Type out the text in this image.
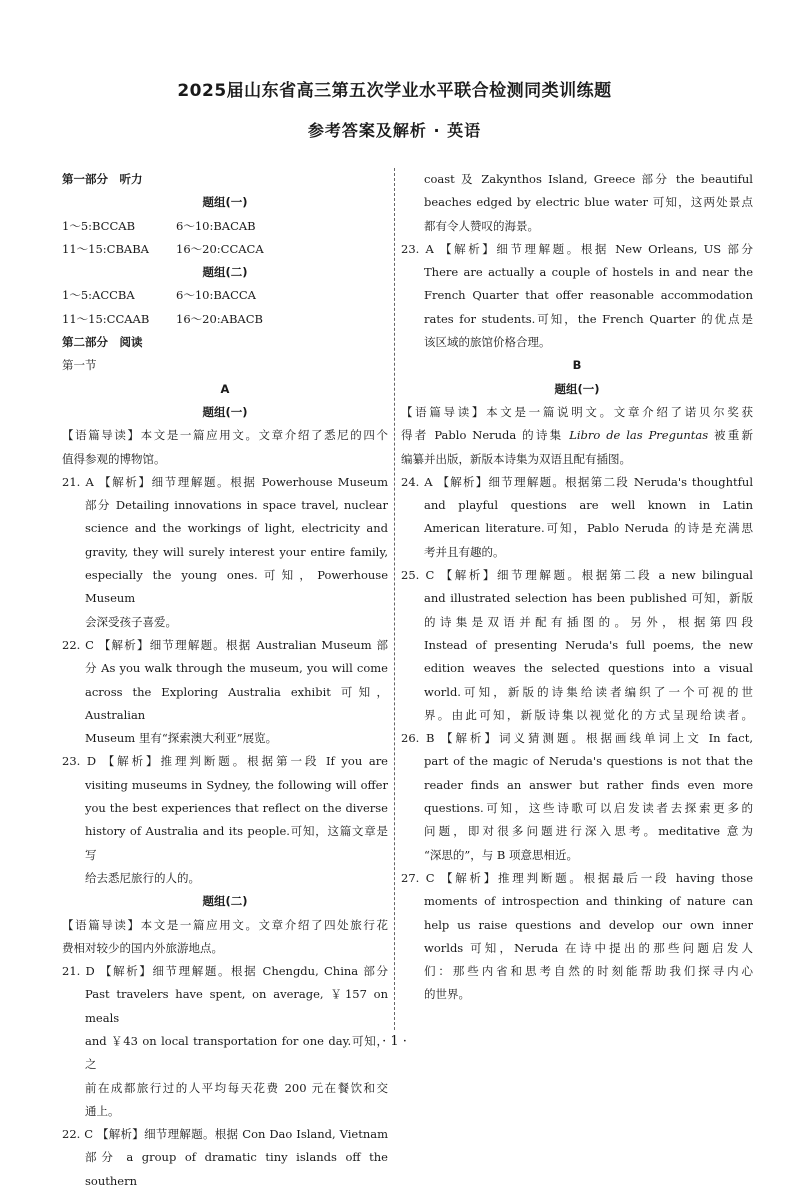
2025届山东省高三第五次学业水平联合检测同类训练题
参考答案及解析 · 英语
第一部分　听力
题组(一)
1～5:BCCAB	6～10:BACAB
11～15:CBABA	16～20:CCACA
题组(二)
1～5:ACCBA	6～10:BACCA
11～15:CCAAB	16～20:ABACB
第二部分　阅读
第一节
A
题组(一)
【语篇导读】本文是一篇应用文。文章介绍了悉尼的四个
值得参观的博物馆。
21. A 【解析】细节理解题。根据 Powerhouse Museum
部分 Detailing innovations in space travel, nuclear
science and the workings of light, electricity and
gravity, they will surely interest your entire family,
especially the young ones.可知，Powerhouse Museum
会深受孩子喜爱。
22. C 【解析】细节理解题。根据 Australian Museum 部
分 As you walk through the museum, you will come
across the Exploring Australia exhibit 可知，Australian
Museum 里有“探索澳大利亚”展览。
23. D 【解析】推理判断题。根据第一段 If you are
visiting museums in Sydney, the following will offer
you the best experiences that reflect on the diverse
history of Australia and its people.可知，这篇文章是写
给去悉尼旅行的人的。
题组(二)
【语篇导读】本文是一篇应用文。文章介绍了四处旅行花
费相对较少的国内外旅游地点。
21. D 【解析】细节理解题。根据 Chengdu, China 部分
Past travelers have spent, on average, ￥157 on meals
and ￥43 on local transportation for one day.可知，之
前在成都旅行过的人平均每天花费 200 元在餐饮和交
通上。
22. C 【解析】细节理解题。根据 Con Dao Island, Vietnam
部分 a group of dramatic tiny islands off the southern
coast 及 Zakynthos Island, Greece 部分 the beautiful
beaches edged by electric blue water 可知，这两处景点
都有令人赞叹的海景。
23. A 【解析】细节理解题。根据 New Orleans, US 部分
There are actually a couple of hostels in and near the
French Quarter that offer reasonable accommodation
rates for students.可知，the French Quarter 的优点是
该区域的旅馆价格合理。
B
题组(一)
【语篇导读】本文是一篇说明文。文章介绍了诺贝尔奖获
得者 Pablo Neruda 的诗集 Libro de las Preguntas 被重新
编纂并出版，新版本诗集为双语且配有插图。
24. A 【解析】细节理解题。根据第二段 Neruda's thoughtful
and playful questions are well known in Latin
American literature.可知，Pablo Neruda 的诗是充满思
考并且有趣的。
25. C 【解析】细节理解题。根据第二段 a new bilingual
and illustrated selection has been published 可知，新版
的诗集是双语并配有插图的。另外，根据第四段
Instead of presenting Neruda's full poems, the new
edition weaves the selected questions into a visual
world.可知，新版的诗集给读者编织了一个可视的世
界。由此可知，新版诗集以视觉化的方式呈现给读者。
26. B 【解析】词义猜测题。根据画线单词上文 In fact,
part of the magic of Neruda's questions is not that the
reader finds an answer but rather finds even more
questions.可知，这些诗歌可以启发读者去探索更多的
问题，即对很多问题进行深入思考。meditative 意为
“深思的”，与 B 项意思相近。
27. C 【解析】推理判断题。根据最后一段 having those
moments of introspection and thinking of nature can
help us raise questions and develop our own inner
worlds 可知，Neruda 在诗中提出的那些问题启发人
们：那些内省和思考自然的时刻能帮助我们探寻内心
的世界。
· 1 ·
